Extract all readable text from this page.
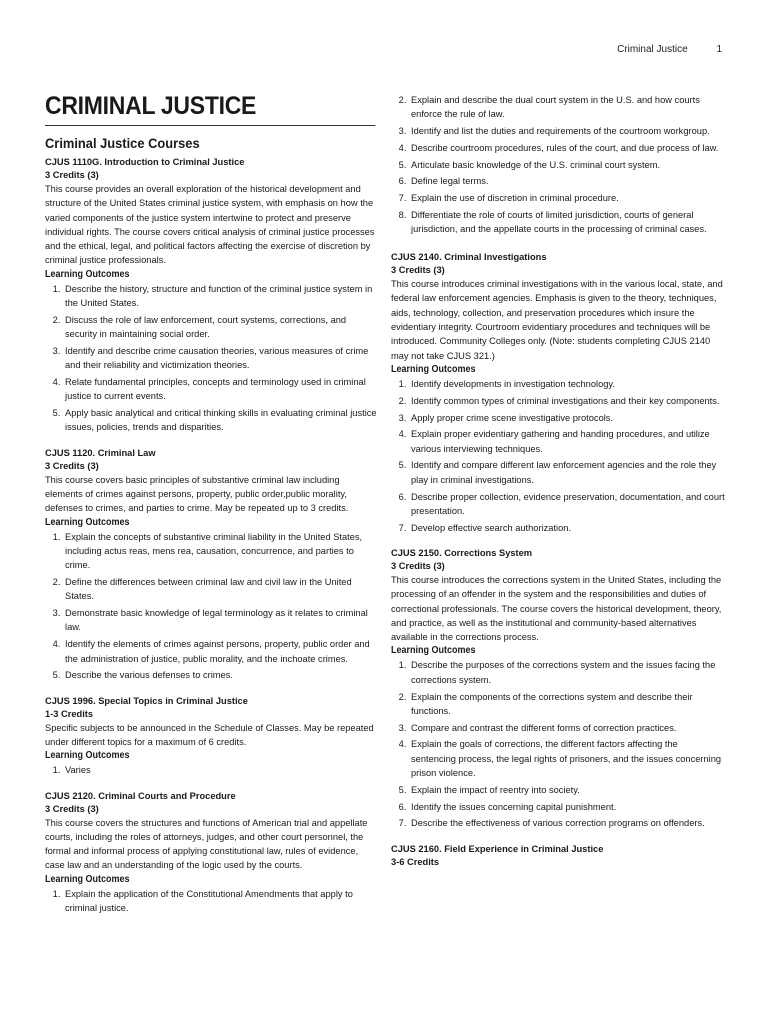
Criminal Justice	1
CRIMINAL JUSTICE
Criminal Justice Courses

CJUS 1110G. Introduction to Criminal Justice

3 Credits (3)

This course provides an overall exploration of the historical development and structure of the United States criminal justice system, with emphasis on how the varied components of the justice system intertwine to protect and preserve individual rights. The course covers critical analysis of criminal justice processes and the ethical, legal, and political factors affecting the exercise of discretion by criminal justice professionals.

Learning Outcomes

1. Describe the history, structure and function of the criminal justice system in the United States.
2. Discuss the role of law enforcement, court systems, corrections, and security in maintaining social order.
3. Identify and describe crime causation theories, various measures of crime and their reliability and victimization theories.
4. Relate fundamental principles, concepts and terminology used in criminal justice to current events.
5. Apply basic analytical and critical thinking skills in evaluating criminal justice issues, policies, trends and disparities.

CJUS 1120. Criminal Law

3 Credits (3)

This course covers basic principles of substantive criminal law including elements of crimes against persons, property, public order,public morality, defenses to crimes, and parties to crime. May be repeated up to 3 credits.

Learning Outcomes

1. Explain the concepts of substantive criminal liability in the United States, including actus reas, mens rea, causation, concurrence, and parties to crime.
2. Define the differences between criminal law and civil law in the United States.
3. Demonstrate basic knowledge of legal terminology as it relates to criminal law.
4. Identify the elements of crimes against persons, property, public order and the administration of justice, public morality, and the inchoate crimes.
5. Describe the various defenses to crimes.

CJUS 1996. Special Topics in Criminal Justice

1-3 Credits

Specific subjects to be announced in the Schedule of Classes. May be repeated under different topics for a maximum of 6 credits.

Learning Outcomes

1. Varies

CJUS 2120. Criminal Courts and Procedure

3 Credits (3)

This course covers the structures and functions of American trial and appellate courts, including the roles of attorneys, judges, and other court personnel, the formal and informal process of applying constitutional law, rules of evidence, case law and an understanding of the logic used by the courts.

Learning Outcomes

1. Explain the application of the Constitutional Amendments that apply to criminal justice.
2. Explain and describe the dual court system in the U.S. and how courts enforce the rule of law.
3. Identify and list the duties and requirements of the courtroom workgroup.
4. Describe courtroom procedures, rules of the court, and due process of law.
5. Articulate basic knowledge of the U.S. criminal court system.
6. Define legal terms.
7. Explain the use of discretion in criminal procedure.
8. Differentiate the role of courts of limited jurisdiction, courts of general jurisdiction, and the appellate courts in the processing of criminal cases.

CJUS 2140. Criminal Investigations

3 Credits (3)

This course introduces criminal investigations with in the various local, state, and federal law enforcement agencies. Emphasis is given to the theory, techniques, aids, technology, collection, and preservation procedures which insure the evidentiary integrity. Courtroom evidentiary procedures and techniques will be introduced. Community Colleges only. (Note: students completing CJUS 2140 may not take CJUS 321.)

Learning Outcomes

1. Identify developments in investigation technology.
2. Identify common types of criminal investigations and their key components.
3. Apply proper crime scene investigative protocols.
4. Explain proper evidentiary gathering and handing procedures, and utilize various interviewing techniques.
5. Identify and compare different law enforcement agencies and the role they play in criminal investigations.
6. Describe proper collection, evidence preservation, documentation, and court presentation.
7. Develop effective search authorization.

CJUS 2150. Corrections System

3 Credits (3)

This course introduces the corrections system in the United States, including the processing of an offender in the system and the responsibilities and duties of correctional professionals. The course covers the historical development, theory, and practice, as well as the institutional and community-based alternatives available in the corrections process.

Learning Outcomes

1. Describe the purposes of the corrections system and the issues facing the corrections system.
2. Explain the components of the corrections system and describe their functions.
3. Compare and contrast the different forms of correction practices.
4. Explain the goals of corrections, the different factors affecting the sentencing process, the legal rights of prisoners, and the issues concerning prison violence.
5. Explain the impact of reentry into society.
6. Identify the issues concerning capital punishment.
7. Describe the effectiveness of various correction programs on offenders.

CJUS 2160. Field Experience in Criminal Justice

3-6 Credits
